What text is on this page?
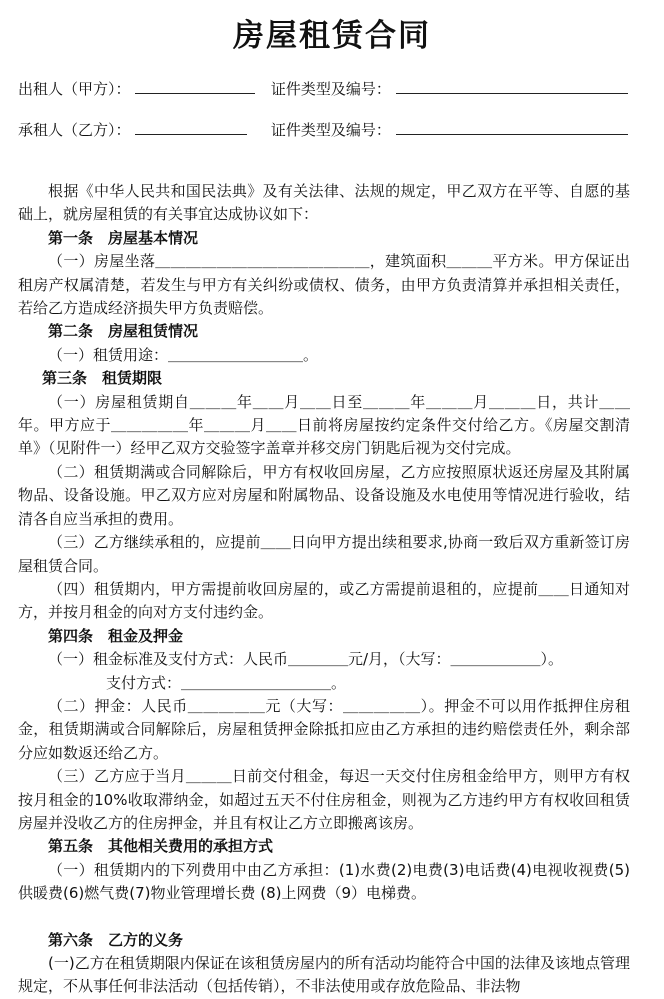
房屋租赁合同
出租人（甲方）：	证件类型及编号：
承租人（乙方）：	证件类型及编号：

根据《中华人民共和国民法典》及有关法律、法规的规定，甲乙双方在平等、自愿的基础上，就房屋租赁的有关事宜达成协议如下：

第一条　房屋基本情况

（一）房屋坐落＿＿＿＿＿＿＿＿＿＿＿＿＿＿，建筑面积＿＿＿平方米。甲方保证出租房产权属清楚，若发生与甲方有关纠纷或债权、债务，由甲方负责清算并承担相关责任，若给乙方造成经济损失甲方负责赔偿。

第二条　房屋租赁情况

（一）租赁用途：＿＿＿＿＿＿＿＿＿。

第三条　租赁期限

（一）房屋租赁期自＿＿＿年＿＿月＿＿日至＿＿＿年＿＿＿月＿＿＿日，共计＿＿年。甲方应于＿＿＿＿＿年＿＿＿月＿＿日前将房屋按约定条件交付给乙方。《房屋交割清单》（见附件一）经甲乙双方交验签字盖章并移交房门钥匙后视为交付完成。

（二）租赁期满或合同解除后，甲方有权收回房屋，乙方应按照原状返还房屋及其附属物品、设备设施。甲乙双方应对房屋和附属物品、设备设施及水电使用等情况进行验收，结清各自应当承担的费用。

（三）乙方继续承租的，应提前＿＿日向甲方提出续租要求,协商一致后双方重新签订房屋租赁合同。

（四）租赁期内，甲方需提前收回房屋的，或乙方需提前退租的，应提前＿＿日通知对方，并按月租金的向对方支付违约金。

第四条　租金及押金

（一）租金标准及支付方式：人民币＿＿＿＿元/月，（大写：＿＿＿＿＿＿）。

支付方式：＿＿＿＿＿＿＿＿＿＿。

（二）押金：人民币＿＿＿＿＿元（大写：＿＿＿＿＿）。押金不可以用作抵押住房租金，租赁期满或合同解除后，房屋租赁押金除抵扣应由乙方承担的违约赔偿责任外，剩余部分应如数返还给乙方。

（三）乙方应于当月＿＿＿日前交付租金，每迟一天交付住房租金给甲方，则甲方有权按月租金的10%收取滞纳金，如超过五天不付住房租金，则视为乙方违约甲方有权收回租赁房屋并没收乙方的住房押金，并且有权让乙方立即搬离该房。

第五条　其他相关费用的承担方式

（一）租赁期内的下列费用中由乙方承担：(1)水费(2)电费(3)电话费(4)电视收视费(5)供暖费(6)燃气费(7)物业管理增长费 (8)上网费（9）电梯费。

第六条　乙方的义务

(一)乙方在租赁期限内保证在该租赁房屋内的所有活动均能符合中国的法律及该地点管理规定，不从事任何非法活动（包括传销），不非法使用或存放危险品、非法物
